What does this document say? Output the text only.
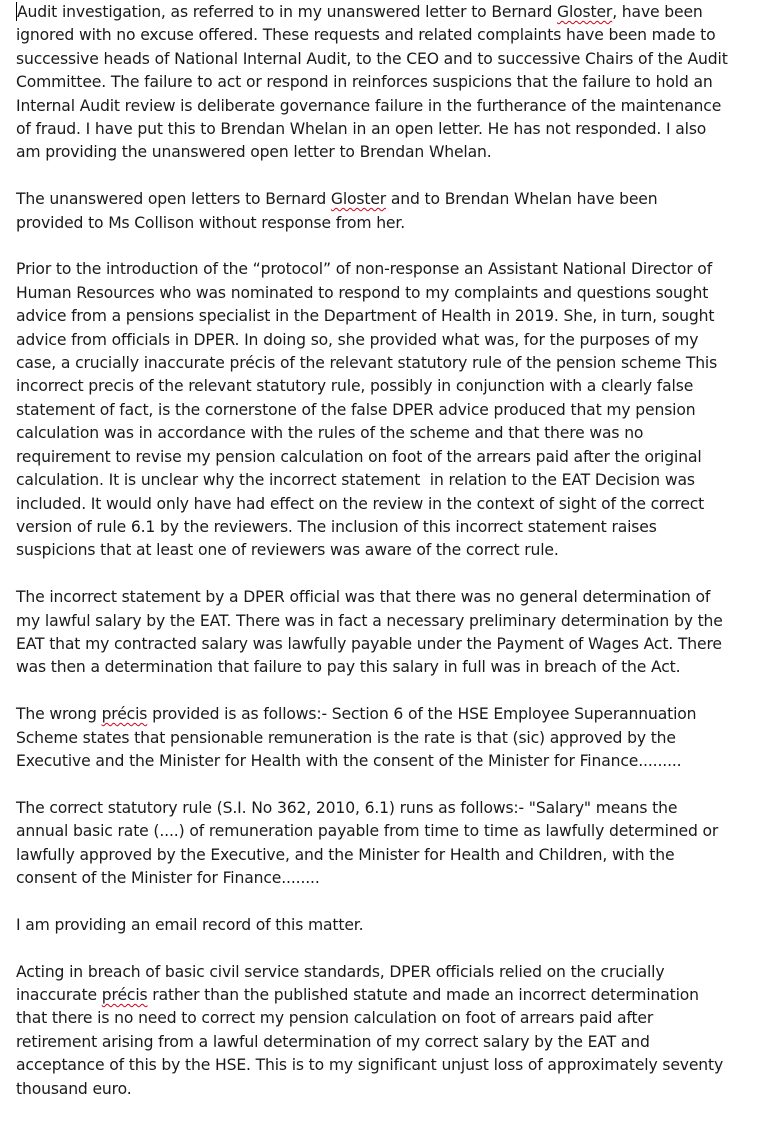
Audit investigation, as referred to in my unanswered letter to Bernard Gloster, have been
ignored with no excuse offered. These requests and related complaints have been made to
successive heads of National Internal Audit, to the CEO and to successive Chairs of the Audit
Committee. The failure to act or respond in reinforces suspicions that the failure to hold an
Internal Audit review is deliberate governance failure in the furtherance of the maintenance
of fraud. I have put this to Brendan Whelan in an open letter. He has not responded. I also
am providing the unanswered open letter to Brendan Whelan.
The unanswered open letters to Bernard Gloster and to Brendan Whelan have been
provided to Ms Collison without response from her.
Prior to the introduction of the “protocol” of non-response an Assistant National Director of
Human Resources who was nominated to respond to my complaints and questions sought
advice from a pensions specialist in the Department of Health in 2019. She, in turn, sought
advice from officials in DPER. In doing so, she provided what was, for the purposes of my
case, a crucially inaccurate précis of the relevant statutory rule of the pension scheme This
incorrect precis of the relevant statutory rule, possibly in conjunction with a clearly false
statement of fact, is the cornerstone of the false DPER advice produced that my pension
calculation was in accordance with the rules of the scheme and that there was no
requirement to revise my pension calculation on foot of the arrears paid after the original
calculation. It is unclear why the incorrect statement  in relation to the EAT Decision was
included. It would only have had effect on the review in the context of sight of the correct
version of rule 6.1 by the reviewers. The inclusion of this incorrect statement raises
suspicions that at least one of reviewers was aware of the correct rule.
The incorrect statement by a DPER official was that there was no general determination of
my lawful salary by the EAT. There was in fact a necessary preliminary determination by the
EAT that my contracted salary was lawfully payable under the Payment of Wages Act. There
was then a determination that failure to pay this salary in full was in breach of the Act.
The wrong précis provided is as follows:- Section 6 of the HSE Employee Superannuation
Scheme states that pensionable remuneration is the rate is that (sic) approved by the
Executive and the Minister for Health with the consent of the Minister for Finance.........
The correct statutory rule (S.I. No 362, 2010, 6.1) runs as follows:- "Salary" means the
annual basic rate (....) of remuneration payable from time to time as lawfully determined or
lawfully approved by the Executive, and the Minister for Health and Children, with the
consent of the Minister for Finance........
I am providing an email record of this matter.
Acting in breach of basic civil service standards, DPER officials relied on the crucially
inaccurate précis rather than the published statute and made an incorrect determination
that there is no need to correct my pension calculation on foot of arrears paid after
retirement arising from a lawful determination of my correct salary by the EAT and
acceptance of this by the HSE. This is to my significant unjust loss of approximately seventy
thousand euro.
